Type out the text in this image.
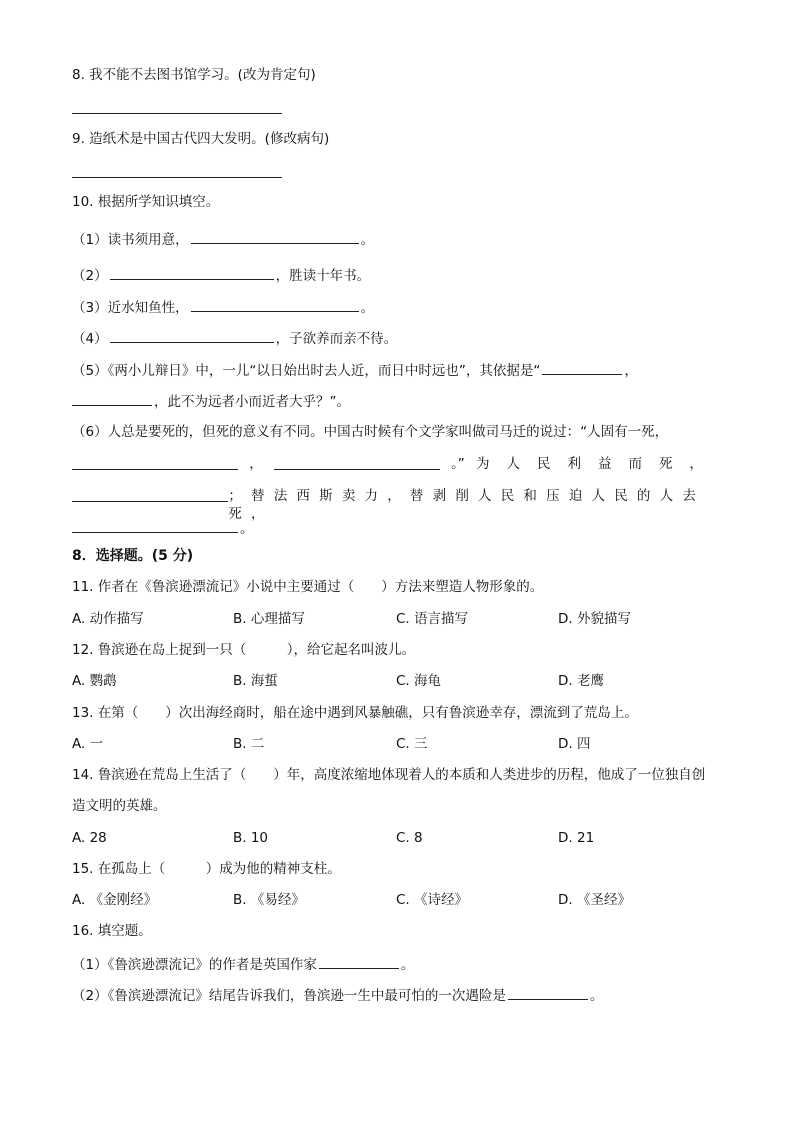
8. 我不能不去图书馆学习。(改为肯定句)
9. 造纸术是中国古代四大发明。(修改病句)
10. 根据所学知识填空。
（1）读书须用意，	。
（2）	，胜读十年书。
（3）近水知鱼性，	。
（4）	，子欲养而亲不待。
（5）《两小儿辩日》中，一儿“以日始出时去人近，而日中时远也”，其依据是“	，
，此不为远者小而近者大乎？”。
（6）人总是要死的，但死的意义有不同。中国古时候有个文学家叫做司马迁的说过：“人固有一死，
，	。” 为人民利益而死，
；替法西斯卖力，替剥削人民和压迫人民的人去死，
。
8．选择题。(5 分)
11. 作者在《鲁滨逊漂流记》小说中主要通过（　　）方法来塑造人物形象的。
A. 动作描写	B. 心理描写	C. 语言描写	D. 外貌描写
12. 鲁滨逊在岛上捉到一只（　　　），给它起名叫波儿。
A. 鹦鹉	B. 海蜇	C. 海龟	D. 老鹰
13. 在第（　　）次出海经商时，船在途中遇到风暴触礁，只有鲁滨逊幸存，漂流到了荒岛上。
A. 一	B. 二	C. 三	D. 四
14. 鲁滨逊在荒岛上生活了（　　）年，高度浓缩地体现着人的本质和人类进步的历程，他成了一位独自创
造文明的英雄。
A. 28	B. 10	C. 8	D. 21
15. 在孤岛上（　　　）成为他的精神支柱。
A. 《金刚经》	B. 《易经》	C. 《诗经》	D. 《圣经》
16. 填空题。
（1）《鲁滨逊漂流记》的作者是英国作家	。
（2）《鲁滨逊漂流记》结尾告诉我们，鲁滨逊一生中最可怕的一次遇险是	。
